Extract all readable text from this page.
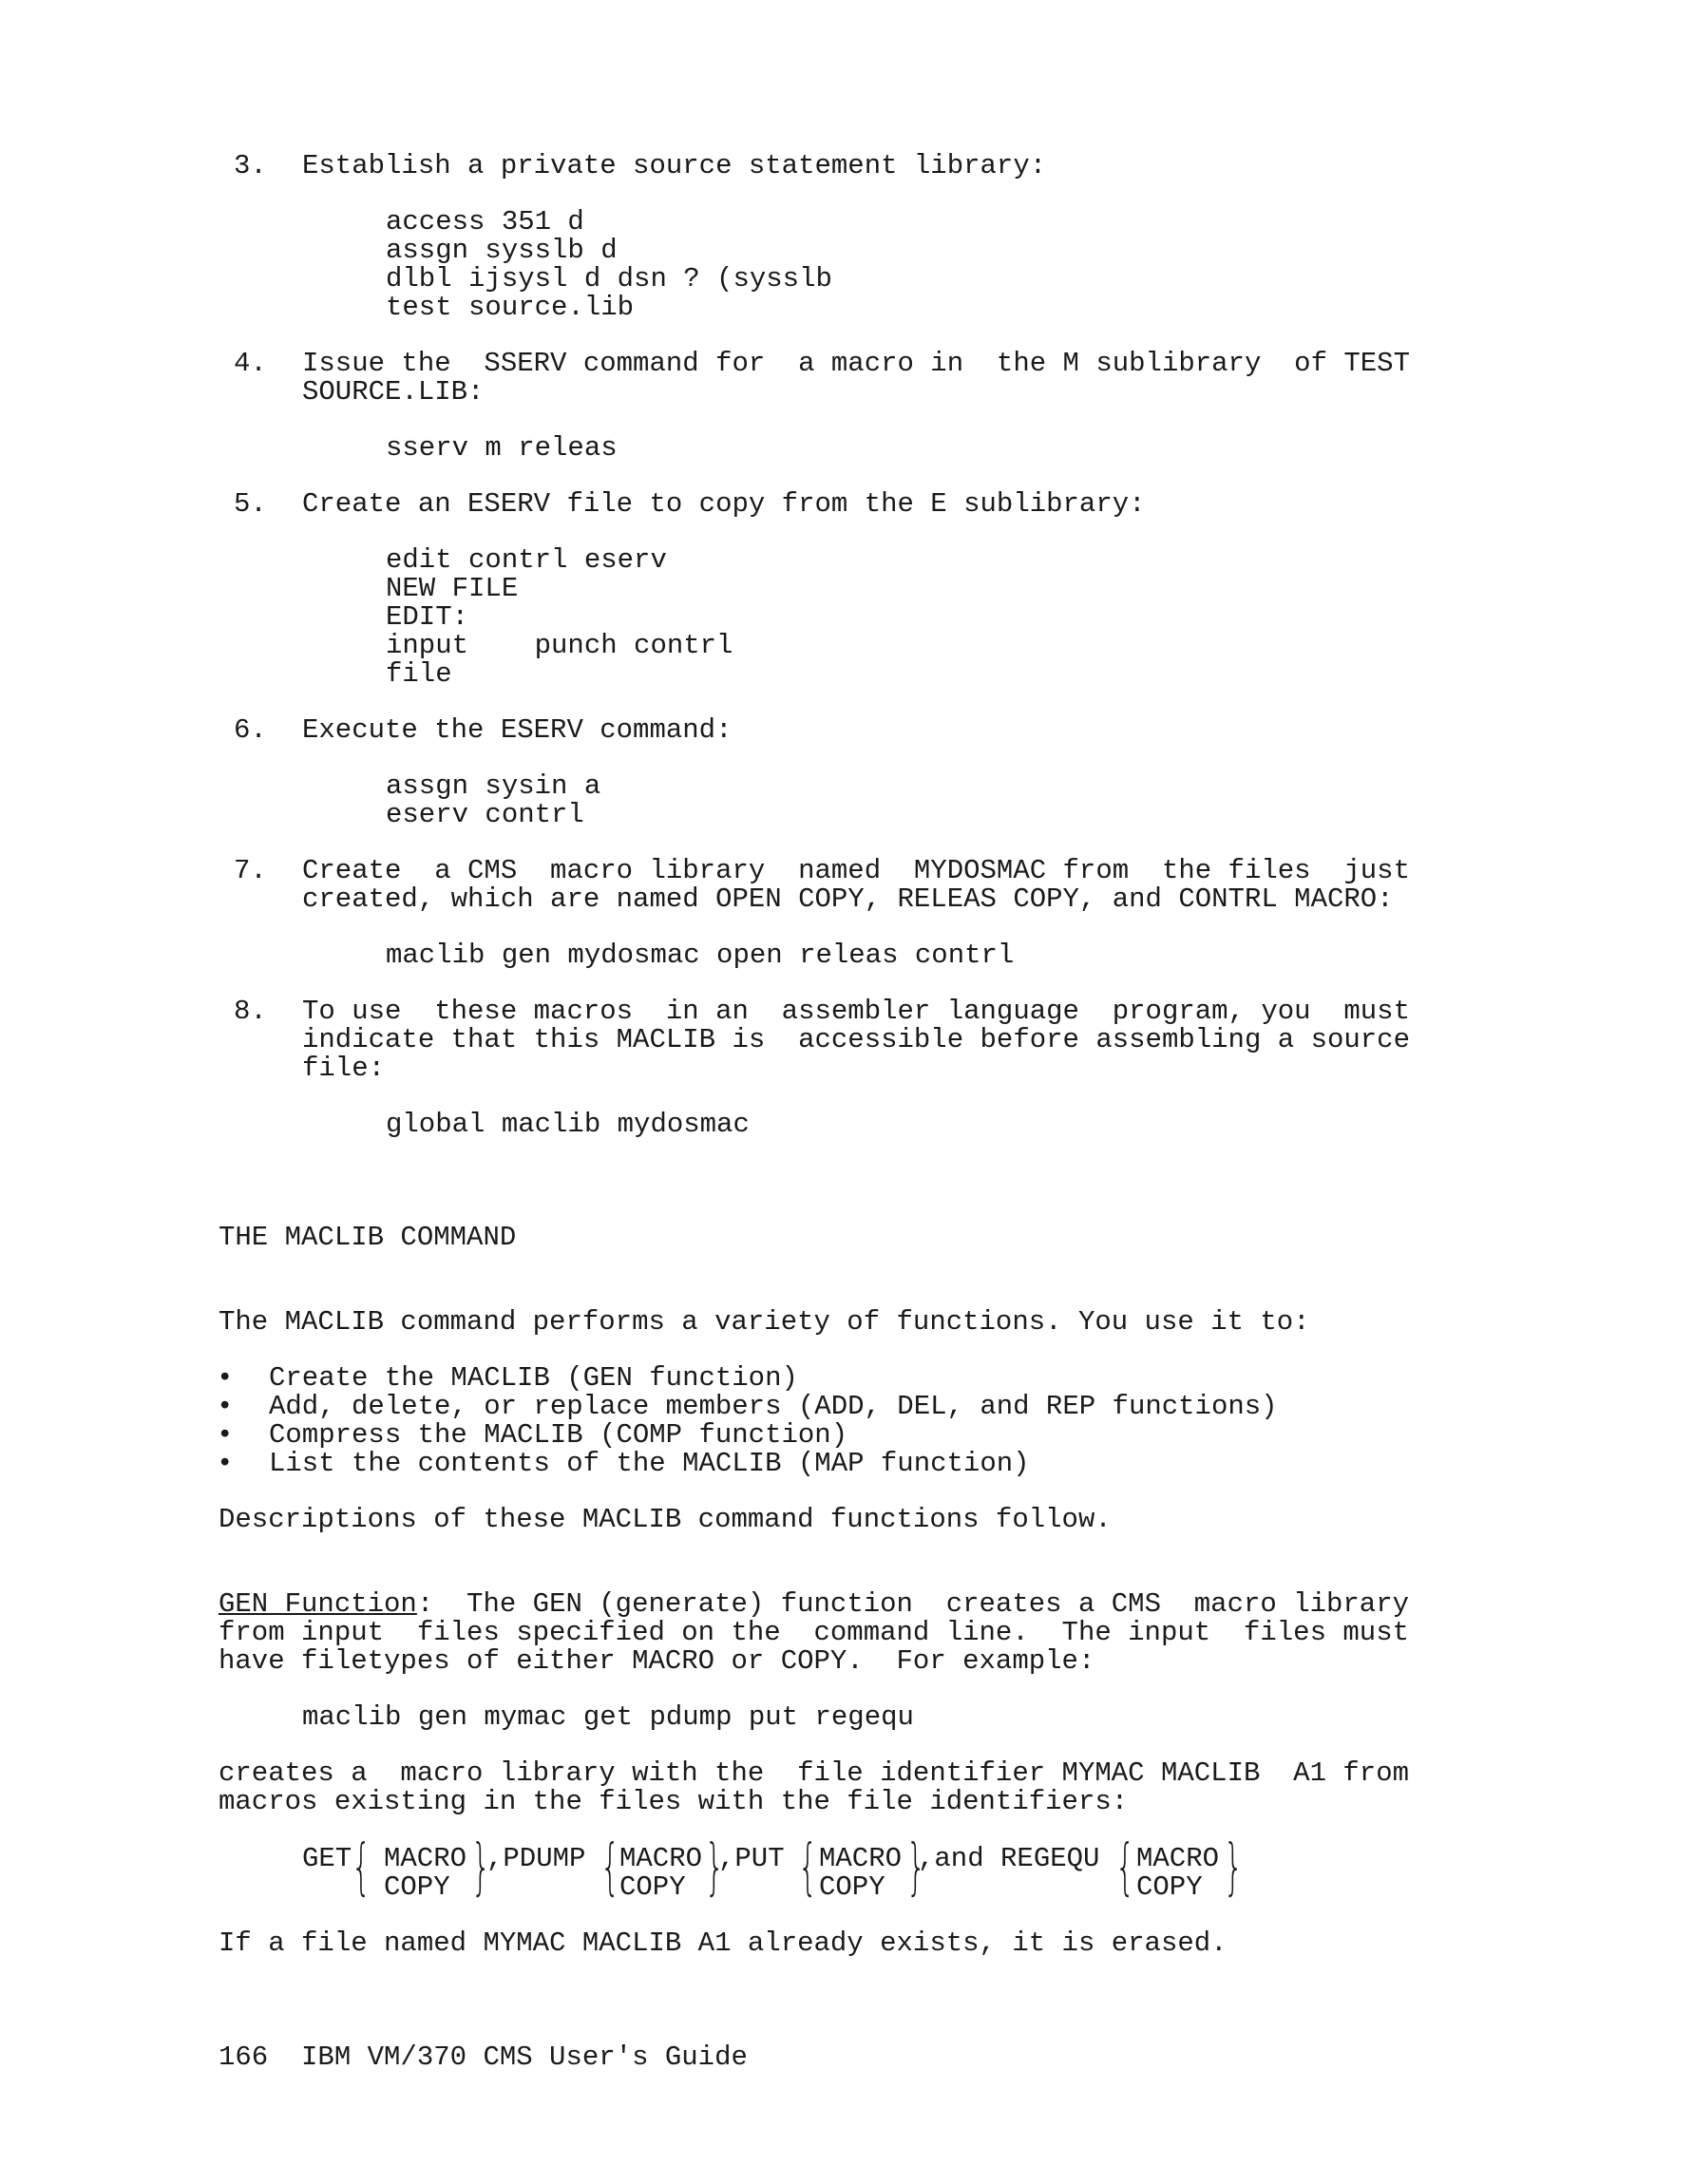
3. Establish a private source statement library:
access 351 d
assgn sysslb d
dlbl ijsysl d dsn ? (sysslb
test source.lib
4. Issue the  SSERV command for  a macro in  the M sublibrary  of TEST
SOURCE.LIB:
sserv m releas
5. Create an ESERV file to copy from the E sublibrary:
edit contrl eserv
NEW FILE
EDIT:
input    punch contrl
file
6. Execute the ESERV command:
assgn sysin a
eserv contrl
7. Create  a CMS  macro library  named  MYDOSMAC from  the files  just
created, which are named OPEN COPY, RELEAS COPY, and CONTRL MACRO:
maclib gen mydosmac open releas contrl
8. To use  these macros  in an  assembler language  program, you  must
indicate that this MACLIB is  accessible before assembling a source
file:
global maclib mydosmac
THE MACLIB COMMAND
The MACLIB command performs a variety of functions. You use it to:
• Create the MACLIB (GEN function)
• Add, delete, or replace members (ADD, DEL, and REP functions)
• Compress the MACLIB (COMP function)
• List the contents of the MACLIB (MAP function)
Descriptions of these MACLIB command functions follow.
GEN Function:  The GEN (generate) function  creates a CMS  macro library
from input  files specified on the  command line.  The input  files must
have filetypes of either MACRO or COPY.  For example:
maclib gen mymac get pdump put regequ
creates a  macro library with the  file identifier MYMAC MACLIB  A1 from
macros existing in the files with the file identifiers:
GET { MACRO
COPY }
,PDUMP { MACRO
COPY }
,PUT { MACRO
COPY }
,and REGEQU { MACRO
COPY }
If a file named MYMAC MACLIB A1 already exists, it is erased.
166  IBM VM/370 CMS User's Guide
